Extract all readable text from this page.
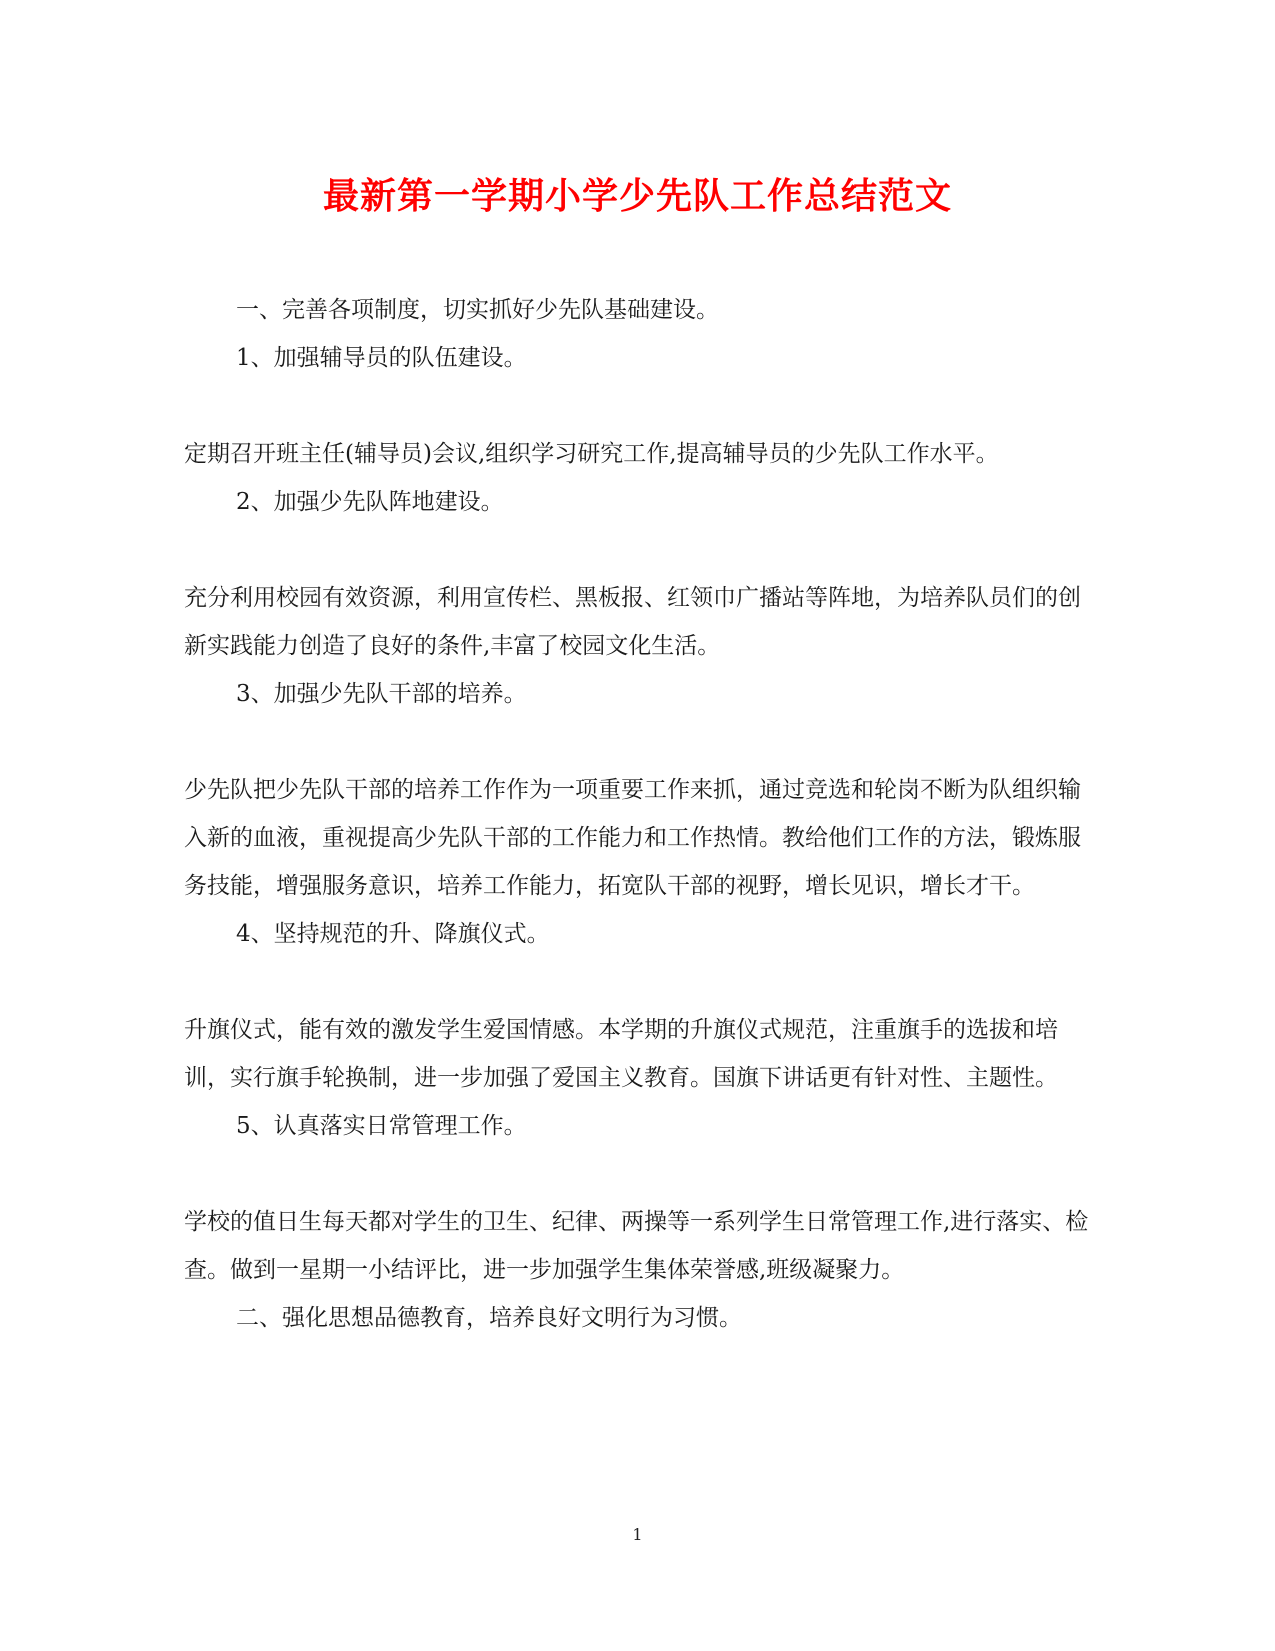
最新第一学期小学少先队工作总结范文

一、完善各项制度，切实抓好少先队基础建设。

1、加强辅导员的队伍建设。

定期召开班主任(辅导员)会议,组织学习研究工作,提高辅导员的少先队工作水平。

2、加强少先队阵地建设。

充分利用校园有效资源，利用宣传栏、黑板报、红领巾广播站等阵地，为培养队员们的创新实践能力创造了良好的条件,丰富了校园文化生活。

3、加强少先队干部的培养。

少先队把少先队干部的培养工作作为一项重要工作来抓，通过竞选和轮岗不断为队组织输入新的血液，重视提高少先队干部的工作能力和工作热情。教给他们工作的方法，锻炼服务技能，增强服务意识，培养工作能力，拓宽队干部的视野，增长见识，增长才干。

4、坚持规范的升、降旗仪式。

升旗仪式，能有效的激发学生爱国情感。本学期的升旗仪式规范，注重旗手的选拔和培训，实行旗手轮换制，进一步加强了爱国主义教育。国旗下讲话更有针对性、主题性。

5、认真落实日常管理工作。

学校的值日生每天都对学生的卫生、纪律、两操等一系列学生日常管理工作,进行落实、检查。做到一星期一小结评比，进一步加强学生集体荣誉感,班级凝聚力。

二、强化思想品德教育，培养良好文明行为习惯。

1
